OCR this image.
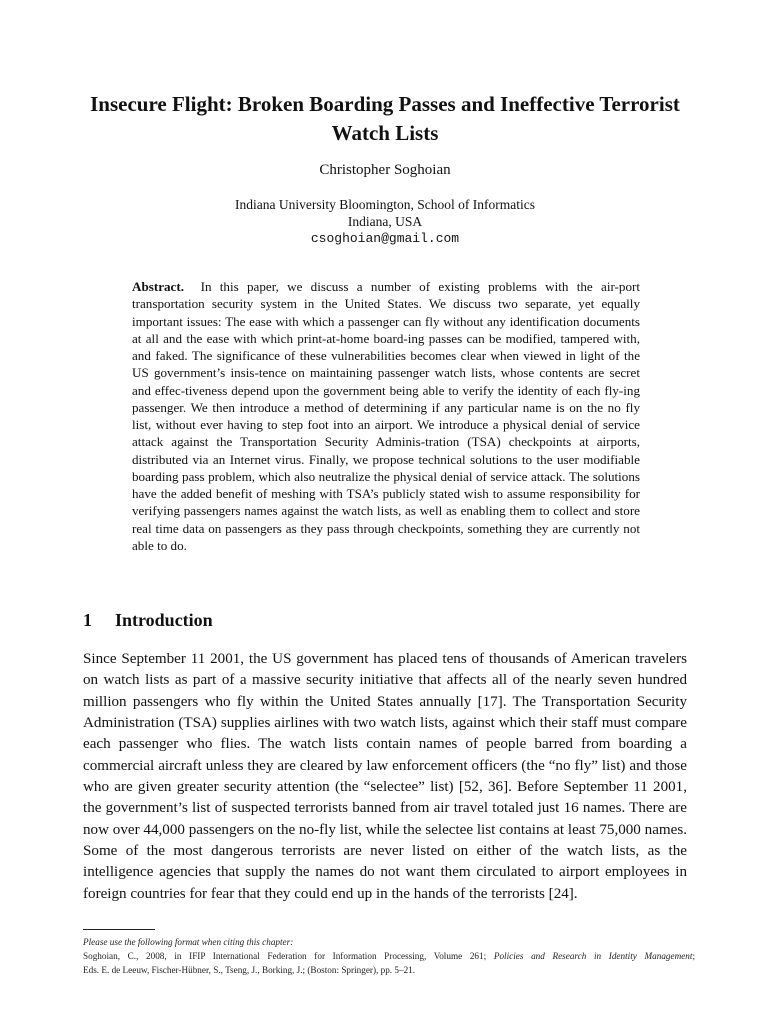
Insecure Flight: Broken Boarding Passes and Ineffective Terrorist Watch Lists
Christopher Soghoian
Indiana University Bloomington, School of Informatics
Indiana, USA
csoghoian@gmail.com

Abstract. In this paper, we discuss a number of existing problems with the air-port transportation security system in the United States. We discuss two separate, yet equally important issues: The ease with which a passenger can fly without any identification documents at all and the ease with which print-at-home board-ing passes can be modified, tampered with, and faked. The significance of these vulnerabilities becomes clear when viewed in light of the US government’s insis-tence on maintaining passenger watch lists, whose contents are secret and effec-tiveness depend upon the government being able to verify the identity of each fly-ing passenger. We then introduce a method of determining if any particular name is on the no fly list, without ever having to step foot into an airport. We introduce a physical denial of service attack against the Transportation Security Adminis-tration (TSA) checkpoints at airports, distributed via an Internet virus. Finally, we propose technical solutions to the user modifiable boarding pass problem, which also neutralize the physical denial of service attack. The solutions have the added benefit of meshing with TSA’s publicly stated wish to assume responsibility for verifying passengers names against the watch lists, as well as enabling them to collect and store real time data on passengers as they pass through checkpoints, something they are currently not able to do.

1 Introduction

Since September 11 2001, the US government has placed tens of thousands of American travelers on watch lists as part of a massive security initiative that affects all of the nearly seven hundred million passengers who fly within the United States annually [17]. The Transportation Security Administration (TSA) supplies airlines with two watch lists, against which their staff must compare each passenger who flies. The watch lists contain names of people barred from boarding a commercial aircraft unless they are cleared by law enforcement officers (the “no fly” list) and those who are given greater security attention (the “selectee” list) [52, 36]. Before September 11 2001, the government’s list of suspected terrorists banned from air travel totaled just 16 names. There are now over 44,000 passengers on the no-fly list, while the selectee list contains at least 75,000 names. Some of the most dangerous terrorists are never listed on either of the watch lists, as the intelligence agencies that supply the names do not want them circulated to airport employees in foreign countries for fear that they could end up in the hands of the terrorists [24].

Please use the following format when citing this chapter:
Soghoian, C., 2008, in IFIP International Federation for Information Processing, Volume 261; Policies and Research in Identity Management;
Eds. E. de Leeuw, Fischer-Hübner, S., Tseng, J., Borking, J.; (Boston: Springer), pp. 5–21.
